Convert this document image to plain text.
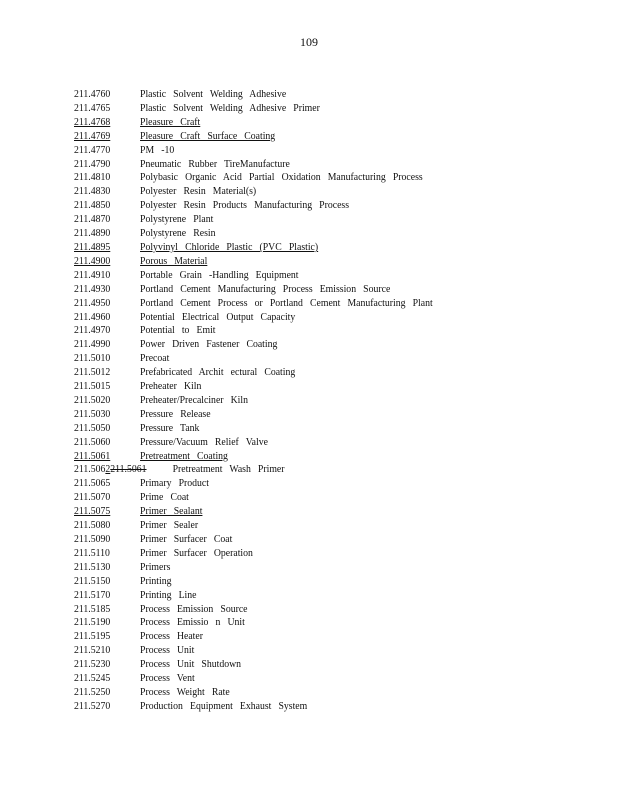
109
211.4760	Plastic Solvent Welding Adhesive
211.4765	Plastic Solvent Welding Adhesive Primer
211.4768	Pleasure Craft
211.4769	Pleasure Craft Surface Coating
211.4770	PM -10
211.4790	Pneumatic Rubber TireManufacture
211.4810	Polybasic Organic Acid Partial Oxidation Manufacturing Process
211.4830	Polyester Resin Material(s)
211.4850	Polyester Resin Products Manufacturing Process
211.4870	Polystyrene Plant
211.4890	Polystyrene Resin
211.4895	Polyvinyl Chloride Plastic (PVC Plastic)
211.4900	Porous Material
211.4910	Portable Grain -Handling Equipment
211.4930	Portland Cement Manufacturing Process Emission Source
211.4950	Portland Cement Process or Portland Cement Manufacturing Plant
211.4960	Potential Electrical Output Capacity
211.4970	Potential to Emit
211.4990	Power Driven Fastener Coating
211.5010	Precoat
211.5012	Prefabricated Archit ectural Coating
211.5015	Preheater Kiln
211.5020	Preheater/Precalciner Kiln
211.5030	Pressure Release
211.5050	Pressure Tank
211.5060	Pressure/Vacuum Relief Valve
211.5061	Pretreatment Coating
211.5062211.5061 Pretreatment Wash Primer
211.5065	Primary Product
211.5070	Prime Coat
211.5075	Primer Sealant
211.5080	Primer Sealer
211.5090	Primer Surfacer Coat
211.5110	Primer Surfacer Operation
211.5130	Primers
211.5150	Printing
211.5170	Printing Line
211.5185	Process Emission Source
211.5190	Process Emissio n Unit
211.5195	Process Heater
211.5210	Process Unit
211.5230	Process Unit Shutdown
211.5245	Process Vent
211.5250	Process Weight Rate
211.5270	Production Equipment Exhaust System
